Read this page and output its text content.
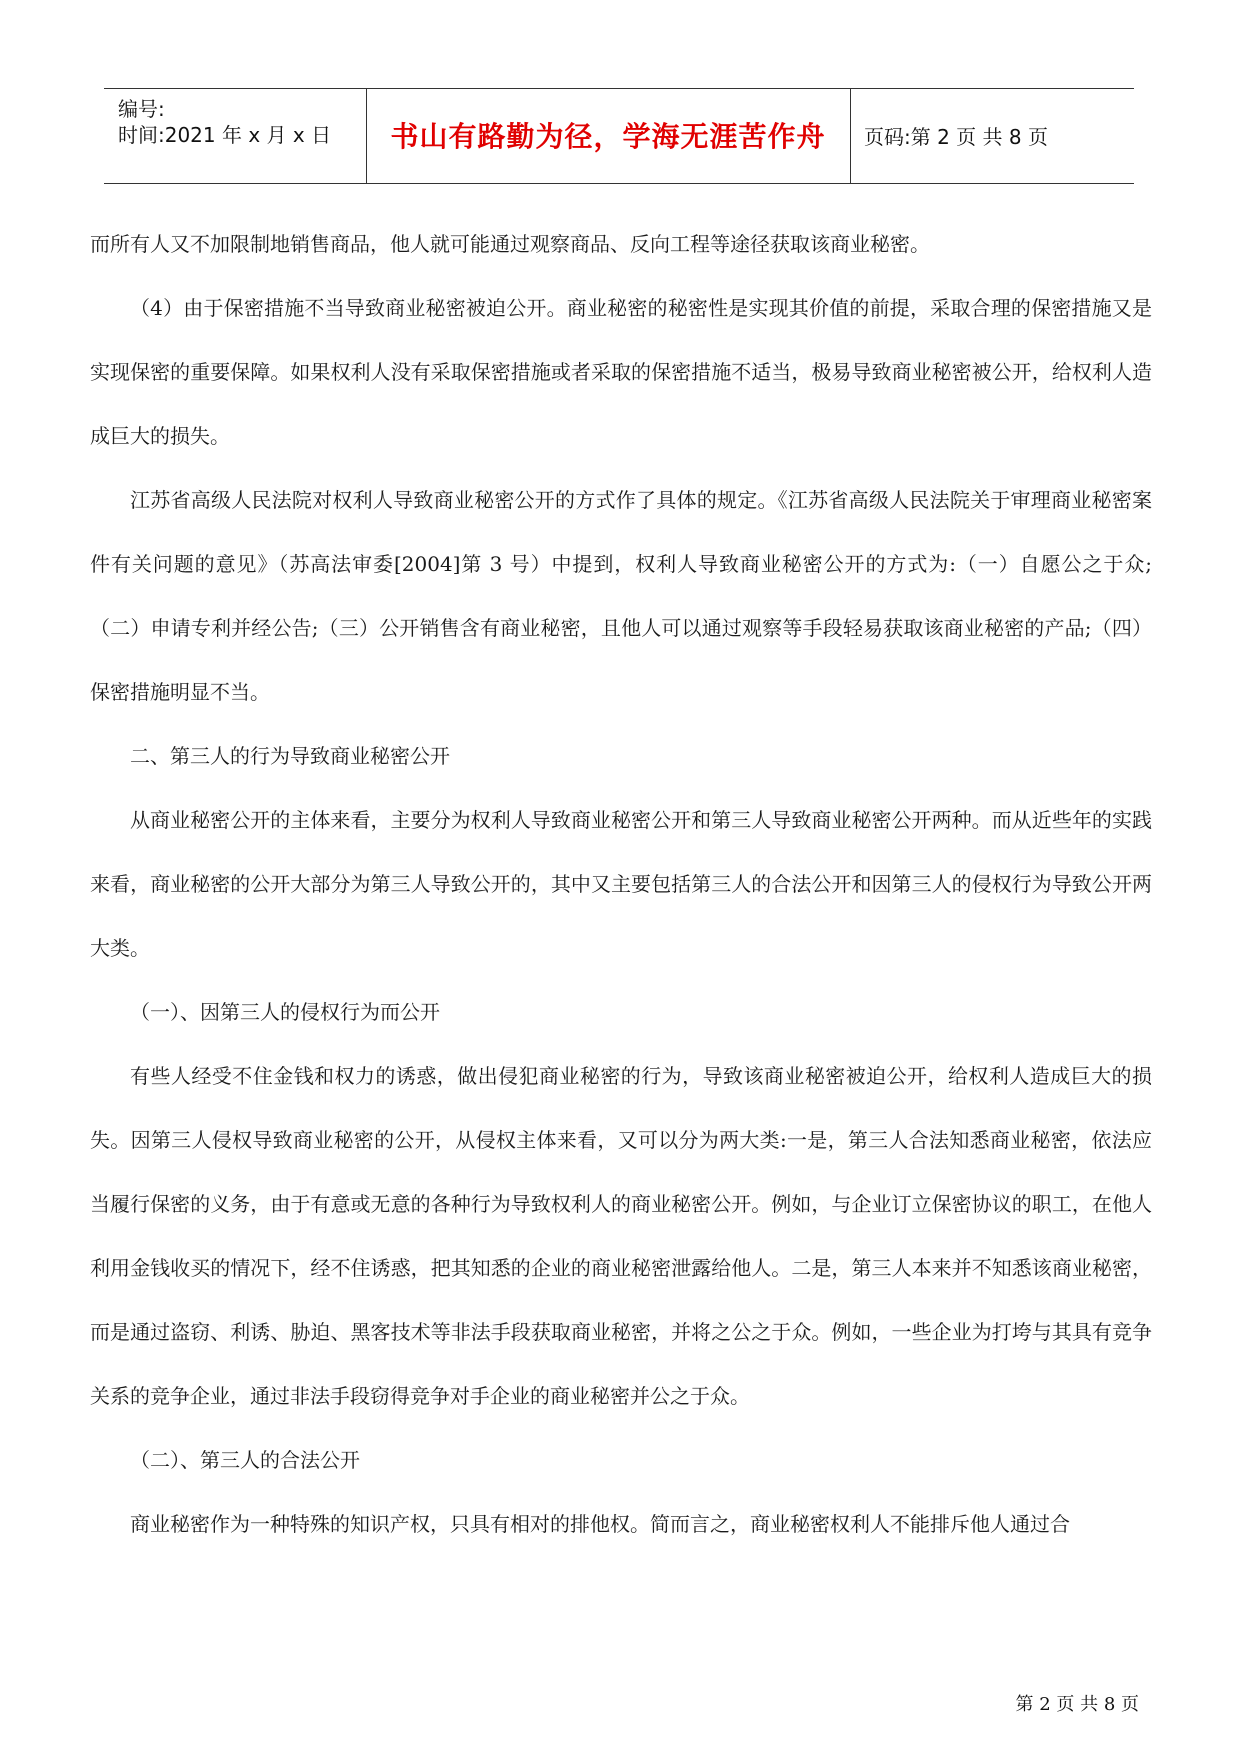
编号:
时间:2021 年 x 月 x 日	书山有路勤为径，学海无涯苦作舟	页码:第 2 页 共 8 页

而所有人又不加限制地销售商品，他人就可能通过观察商品、反向工程等途径获取该商业秘密。

（4）由于保密措施不当导致商业秘密被迫公开。商业秘密的秘密性是实现其价值的前提，采取合理的保密措施又是实现保密的重要保障。如果权利人没有采取保密措施或者采取的保密措施不适当，极易导致商业秘密被公开，给权利人造成巨大的损失。

江苏省高级人民法院对权利人导致商业秘密公开的方式作了具体的规定。《江苏省高级人民法院关于审理商业秘密案件有关问题的意见》（苏高法审委[2004]第 3 号）中提到，权利人导致商业秘密公开的方式为:（一）自愿公之于众;（二）申请专利并经公告;（三）公开销售含有商业秘密，且他人可以通过观察等手段轻易获取该商业秘密的产品;（四）保密措施明显不当。

二、第三人的行为导致商业秘密公开

从商业秘密公开的主体来看，主要分为权利人导致商业秘密公开和第三人导致商业秘密公开两种。而从近些年的实践来看，商业秘密的公开大部分为第三人导致公开的，其中又主要包括第三人的合法公开和因第三人的侵权行为导致公开两大类。

（一）、因第三人的侵权行为而公开

有些人经受不住金钱和权力的诱惑，做出侵犯商业秘密的行为，导致该商业秘密被迫公开，给权利人造成巨大的损失。因第三人侵权导致商业秘密的公开，从侵权主体来看，又可以分为两大类:一是，第三人合法知悉商业秘密，依法应当履行保密的义务，由于有意或无意的各种行为导致权利人的商业秘密公开。例如，与企业订立保密协议的职工，在他人利用金钱收买的情况下，经不住诱惑，把其知悉的企业的商业秘密泄露给他人。二是，第三人本来并不知悉该商业秘密，而是通过盗窃、利诱、胁迫、黑客技术等非法手段获取商业秘密，并将之公之于众。例如，一些企业为打垮与其具有竞争关系的竞争企业，通过非法手段窃得竞争对手企业的商业秘密并公之于众。

（二）、第三人的合法公开

商业秘密作为一种特殊的知识产权，只具有相对的排他权。简而言之，商业秘密权利人不能排斥他人通过合

第 2 页 共 8 页
